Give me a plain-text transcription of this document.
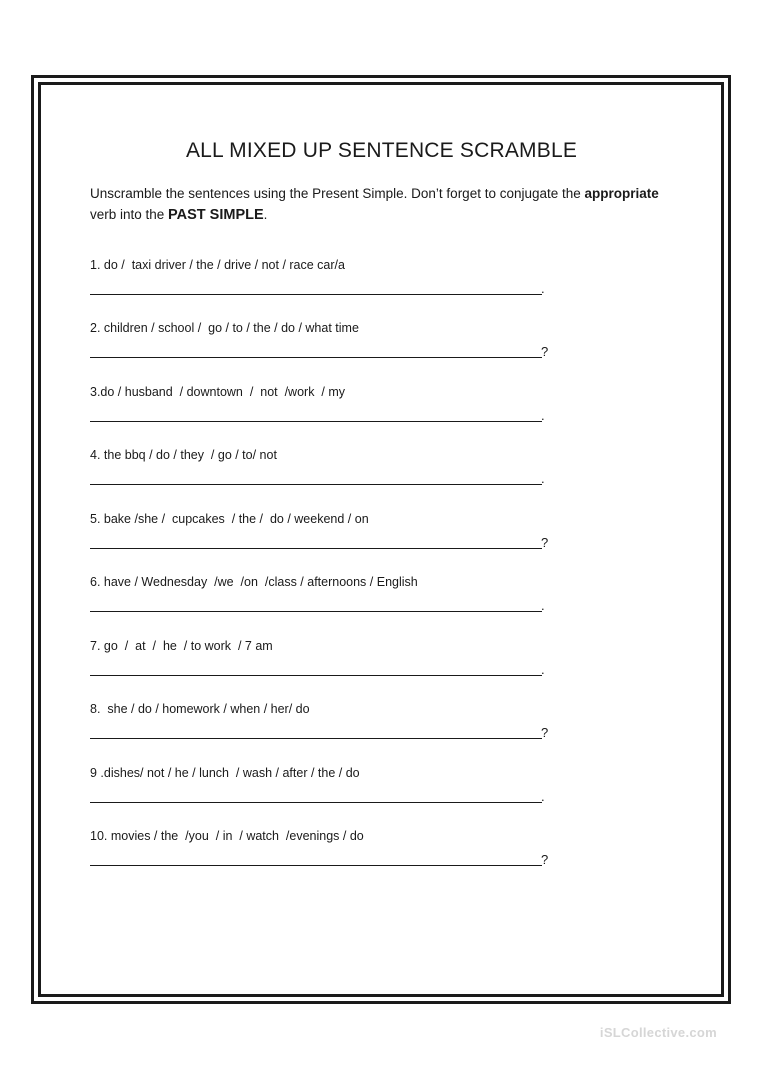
ALL MIXED UP SENTENCE SCRAMBLE

Unscramble the sentences using the Present Simple. Don’t forget to conjugate the appropriate
verb into the PAST SIMPLE.

1. do /  taxi driver / the / drive / not / race car/a

.

2. children / school /  go / to / the / do / what time

?

3.do / husband  / downtown  /  not  /work  / my

.

4. the bbq / do / they  / go / to/ not

.

5. bake /she /  cupcakes  / the /  do / weekend / on

?

6. have / Wednesday  /we  /on  /class / afternoons / English

.

7. go  /  at  /  he  / to work  / 7 am

.

8.  she / do / homework / when / her/ do

?

9 .dishes/ not / he / lunch  / wash / after / the / do

.

10. movies / the  /you  / in  / watch  /evenings / do

?
iSLCollective.com
